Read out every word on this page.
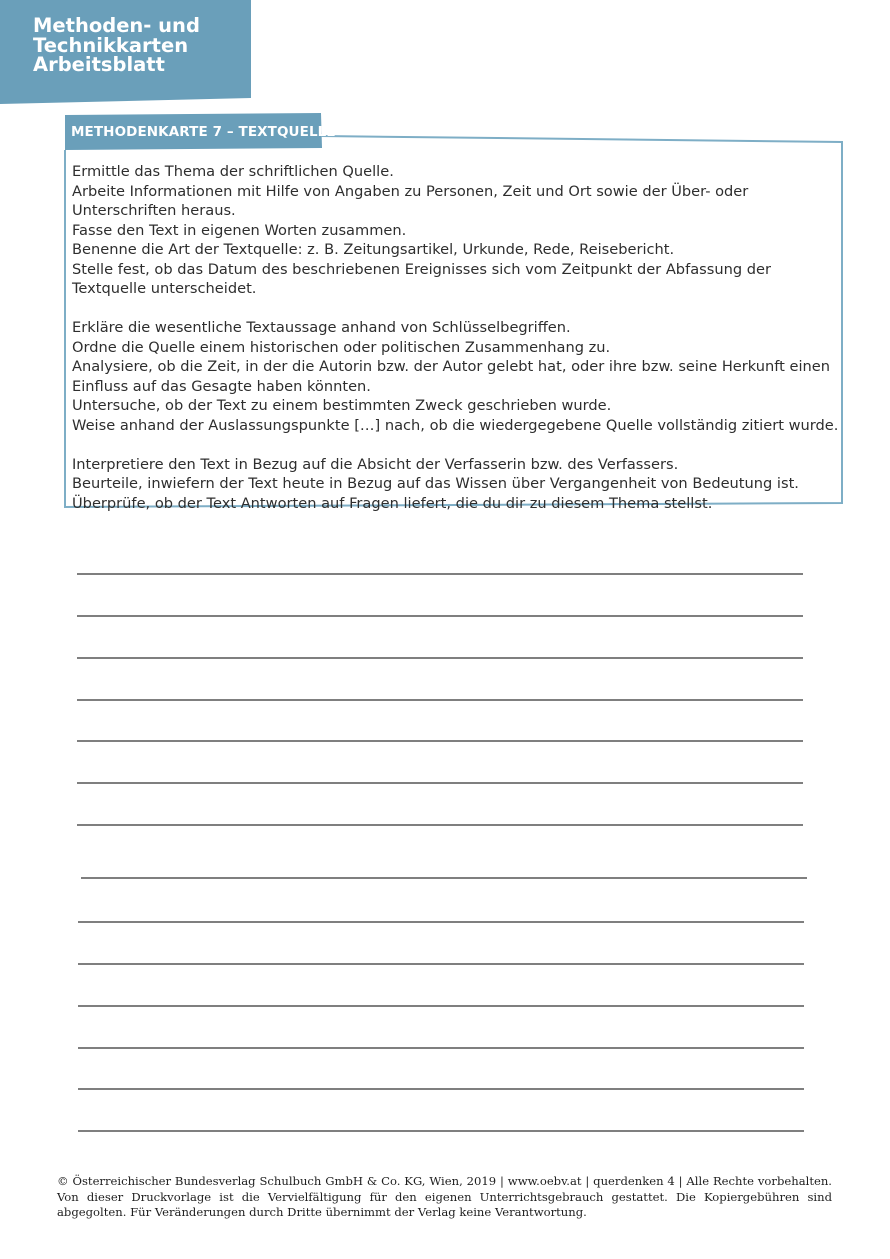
Methoden- und
Technikkarten
Arbeitsblatt
METHODENKARTE 7 – TEXTQUELLE
Ermittle das Thema der schriftlichen Quelle.
Arbeite Informationen mit Hilfe von Angaben zu Personen, Zeit und Ort sowie der Über- oder Unterschriften heraus.
Fasse den Text in eigenen Worten zusammen.
Benenne die Art der Textquelle: z. B. Zeitungsartikel, Urkunde, Rede, Reisebericht.
Stelle fest, ob das Datum des beschriebenen Ereignisses sich vom Zeitpunkt der Abfassung der Textquelle unterscheidet.
Erkläre die wesentliche Textaussage anhand von Schlüsselbegriffen.
Ordne die Quelle einem historischen oder politischen Zusammenhang zu.
Analysiere, ob die Zeit, in der die Autorin bzw. der Autor gelebt hat, oder ihre bzw. seine Herkunft einen Einfluss auf das Gesagte haben könnten.
Untersuche, ob der Text zu einem bestimmten Zweck geschrieben wurde.
Weise anhand der Auslassungspunkte […] nach, ob die wiedergegebene Quelle vollständig zitiert wurde.
Interpretiere den Text in Bezug auf die Absicht der Verfasserin bzw. des Verfassers.
Beurteile, inwiefern der Text heute in Bezug auf das Wissen über Vergangenheit von Bedeutung ist.
Überprüfe, ob der Text Antworten auf Fragen liefert, die du dir zu diesem Thema stellst.
© Österreichischer Bundesverlag Schulbuch GmbH & Co. KG, Wien, 2019 | www.oebv.at | querdenken 4 | Alle Rechte vorbehalten. Von dieser Druckvorlage ist die Vervielfältigung für den eigenen Unterrichtsgebrauch gestattet. Die Kopiergebühren sind abgegolten. Für Veränderungen durch Dritte übernimmt der Verlag keine Verantwortung.
